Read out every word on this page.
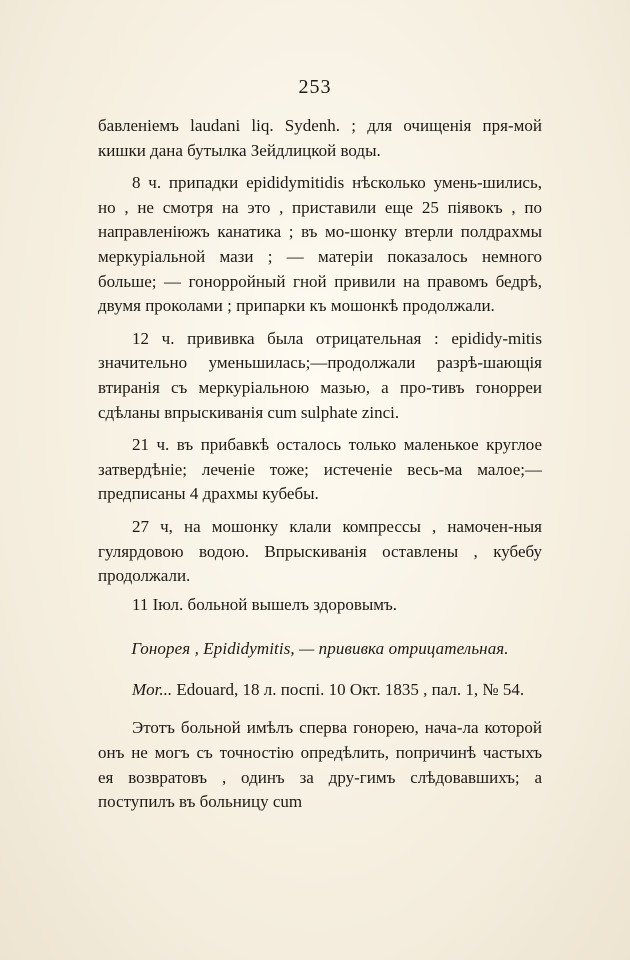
253

бавленіемъ laudani liq. Sydenh. ; для очищенія пря-мой кишки дана бутылка Зейдлицкой воды.

8 ч. припадки epididymitidis нѣсколько умень-шились, но , не смотря на это , приставили еще 25 піявокъ , по направленіюжъ канатика ; въ мо-шонку втерли полдрахмы меркуріальной мази ; — матеріи показалось немного больше; — гонорройный гной привили на правомъ бедрѣ, двумя проколами ; припарки къ мошонкѣ продолжали.

12 ч. прививка была отрицательная : epididy-mitis значительно уменьшилась;—продолжали разрѣ-шающія втиранія съ меркуріальною мазью, а про-тивъ гонорреи сдѣланы впрыскиванія cum sulphate zinci.

21 ч. въ прибавкѣ осталось только маленькое круглое затвердѣніе; леченіе тоже; истеченіе весь-ма малое;—предписаны 4 драхмы кубебы.

27 ч, на мошонку клали компрессы , намочен-ныя гулярдовою водою. Впрыскиванія оставлены , кубебу продолжали.

11 Іюл. больной вышелъ здоровымъ.

Гонорея , Epididymitis, — прививка отрицательная.

Mor... Edouard, 18 л. поспі. 10 Окт. 1835 , пал. 1, № 54.

Этотъ больной имѣлъ сперва гонорею, нача-ла которой онъ не могъ съ точностію опредѣлить, попричинѣ частыхъ ея возвратовъ , одинъ за дру-гимъ слѣдовавшихъ; а поступилъ въ больницу cum
